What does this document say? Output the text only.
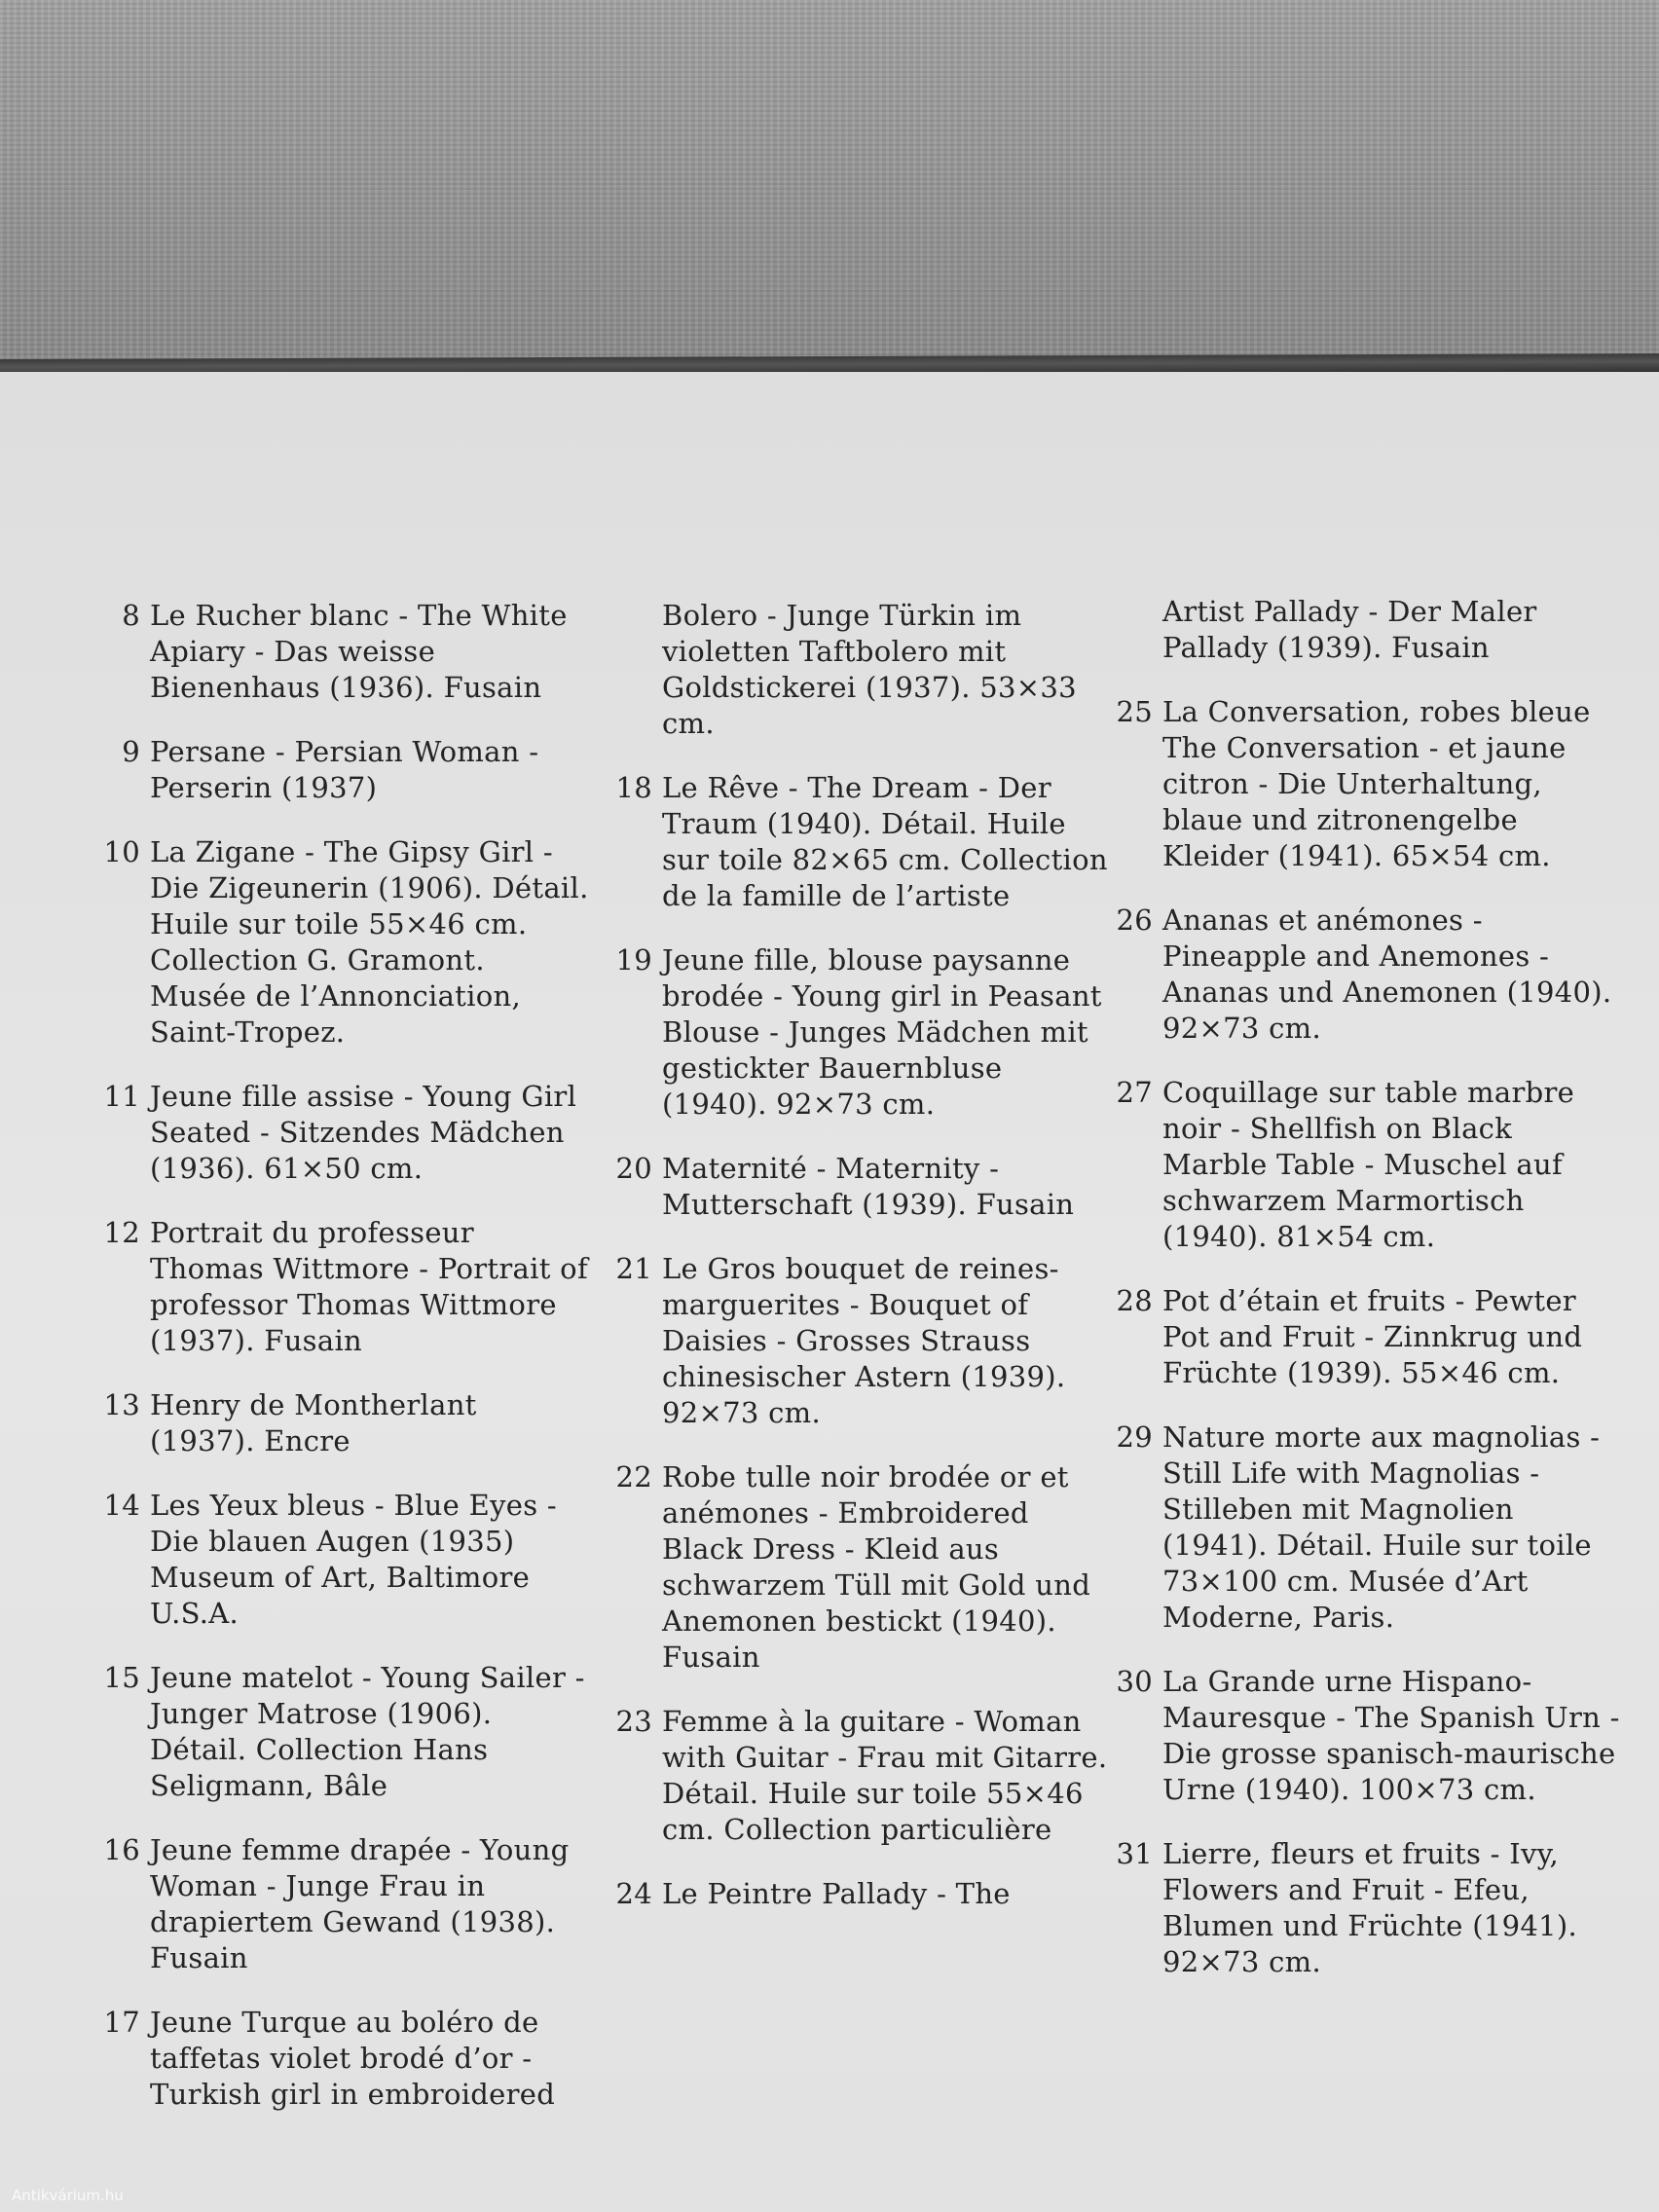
8 Le Rucher blanc - The White Apiary - Das weisse Bienenhaus (1936). Fusain
9 Persane - Persian Woman - Perserin (1937)
10 La Zigane - The Gipsy Girl - Die Zigeunerin (1906). Détail. Huile sur toile 55×46 cm. Collection G. Gramont. Musée de l’Annonciation, Saint-Tropez.
11 Jeune fille assise - Young Girl Seated - Sitzendes Mädchen (1936). 61×50 cm.
12 Portrait du professeur Thomas Wittmore - Portrait of professor Thomas Wittmore (1937). Fusain
13 Henry de Montherlant (1937). Encre
14 Les Yeux bleus - Blue Eyes - Die blauen Augen (1935) Museum of Art, Baltimore U.S.A.
15 Jeune matelot - Young Sailer - Junger Matrose (1906). Détail. Collection Hans Seligmann, Bâle
16 Jeune femme drapée - Young Woman - Junge Frau in drapiertem Gewand (1938). Fusain
17 Jeune Turque au boléro de taffetas violet brodé d’or - Turkish girl in embroidered
Bolero - Junge Türkin im violetten Taftbolero mit Goldstickerei (1937). 53×33 cm.
18 Le Rêve - The Dream - Der Traum (1940). Détail. Huile sur toile 82×65 cm. Collection de la famille de l’artiste
19 Jeune fille, blouse paysanne brodée - Young girl in Peasant Blouse - Junges Mädchen mit gestickter Bauernbluse (1940). 92×73 cm.
20 Maternité - Maternity - Mutterschaft (1939). Fusain
21 Le Gros bouquet de reines-marguerites - Bouquet of Daisies - Grosses Strauss chinesischer Astern (1939). 92×73 cm.
22 Robe tulle noir brodée or et anémones - Embroidered Black Dress - Kleid aus schwarzem Tüll mit Gold und Anemonen bestickt (1940). Fusain
23 Femme à la guitare - Woman with Guitar - Frau mit Gitarre. Détail. Huile sur toile 55×46 cm. Collection particulière
24 Le Peintre Pallady - The
Artist Pallady - Der Maler Pallady (1939). Fusain
25 La Conversation, robes bleue The Conversation - et jaune citron - Die Unterhaltung, blaue und zitronengelbe Kleider (1941). 65×54 cm.
26 Ananas et anémones - Pineapple and Anemones - Ananas und Anemonen (1940). 92×73 cm.
27 Coquillage sur table marbre noir - Shellfish on Black Marble Table - Muschel auf schwarzem Marmortisch (1940). 81×54 cm.
28 Pot d’étain et fruits - Pewter Pot and Fruit - Zinnkrug und Früchte (1939). 55×46 cm.
29 Nature morte aux magnolias - Still Life with Magnolias - Stilleben mit Magnolien (1941). Détail. Huile sur toile 73×100 cm. Musée d’Art Moderne, Paris.
30 La Grande urne Hispano-Mauresque - The Spanish Urn - Die grosse spanisch-maurische Urne (1940). 100×73 cm.
31 Lierre, fleurs et fruits - Ivy, Flowers and Fruit - Efeu, Blumen und Früchte (1941). 92×73 cm.
Antikvárium.hu
